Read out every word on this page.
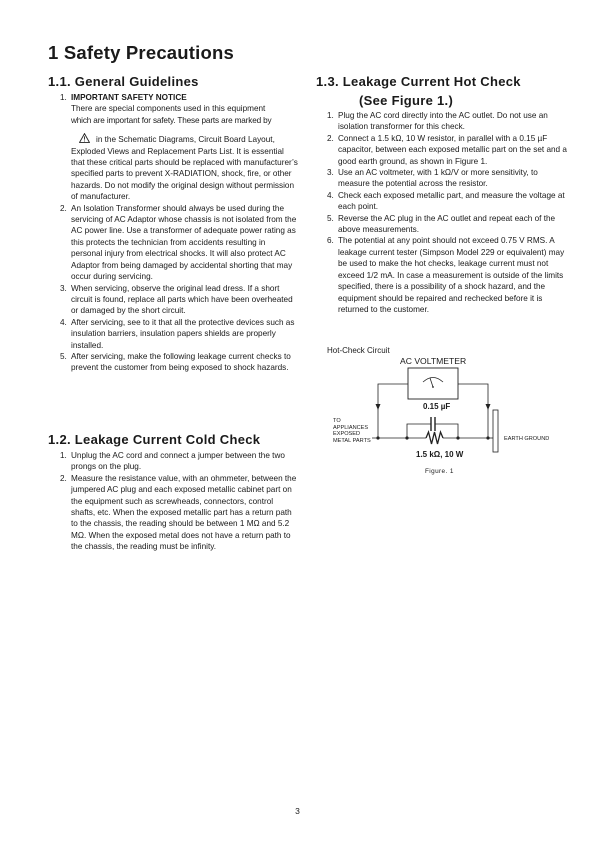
1 Safety Precautions
1.1. General Guidelines
1. IMPORTANT SAFETY NOTICE

There are special components used in this equipment

which are important for safety. These parts are marked by

in the Schematic Diagrams, Circuit Board Layout, Exploded Views and Replacement Parts List. It is essential that these critical parts should be replaced with manufacturer’s specified parts to prevent X-RADIATION, shock, fire, or other hazards. Do not modify the original design without permission of manufacturer.

2. An Isolation Transformer should always be used during the servicing of AC Adaptor whose chassis is not isolated from the AC power line. Use a transformer of adequate power rating as this protects the technician from accidents resulting in personal injury from electrical shocks. It will also protect AC Adaptor from being damaged by accidental shorting that may occur during servicing.
3. When servicing, observe the original lead dress. If a short circuit is found, replace all parts which have been overheated or damaged by the short circuit.
4. After servicing, see to it that all the protective devices such as insulation barriers, insulation papers shields are properly installed.
5. After servicing, make the following leakage current checks to prevent the customer from being exposed to shock hazards.
1.2. Leakage Current Cold Check
1. Unplug the AC cord and connect a jumper between the two prongs on the plug.
2. Measure the resistance value, with an ohmmeter, between the jumpered AC plug and each exposed metallic cabinet part on the equipment such as screwheads, connectors, control shafts, etc. When the exposed metallic part has a return path to the chassis, the reading should be between 1 MΩ and 5.2 MΩ. When the exposed metal does not have a return path to the chassis, the reading must be infinity.
1.3. Leakage Current Hot Check
(See Figure 1.)
1. Plug the AC cord directly into the AC outlet. Do not use an isolation transformer for this check.
2. Connect a 1.5 kΩ, 10 W resistor, in parallel with a 0.15 µF capacitor, between each exposed metallic part on the set and a good earth ground, as shown in Figure 1.
3. Use an AC voltmeter, with 1 kΩ/V or more sensitivity, to measure the potential across the resistor.
4. Check each exposed metallic part, and measure the voltage at each point.
5. Reverse the AC plug in the AC outlet and repeat each of the above measurements.
6. The potential at any point should not exceed 0.75 V RMS. A leakage current tester (Simpson Model 229 or equivalent) may be used to make the hot checks, leakage current must not exceed 1/2 mA. In case a measurement is outside of the limits specified, there is a possibility of a shock hazard, and the equipment should be repaired and rechecked before it is returned to the customer.
Hot-Check Circuit
AC VOLTMETER
0.15 µF
1.5 kΩ, 10 W
TO
APPLIANCES
EXPOSED
METAL PARTS	EARTH GROUND
Figure. 1
3
